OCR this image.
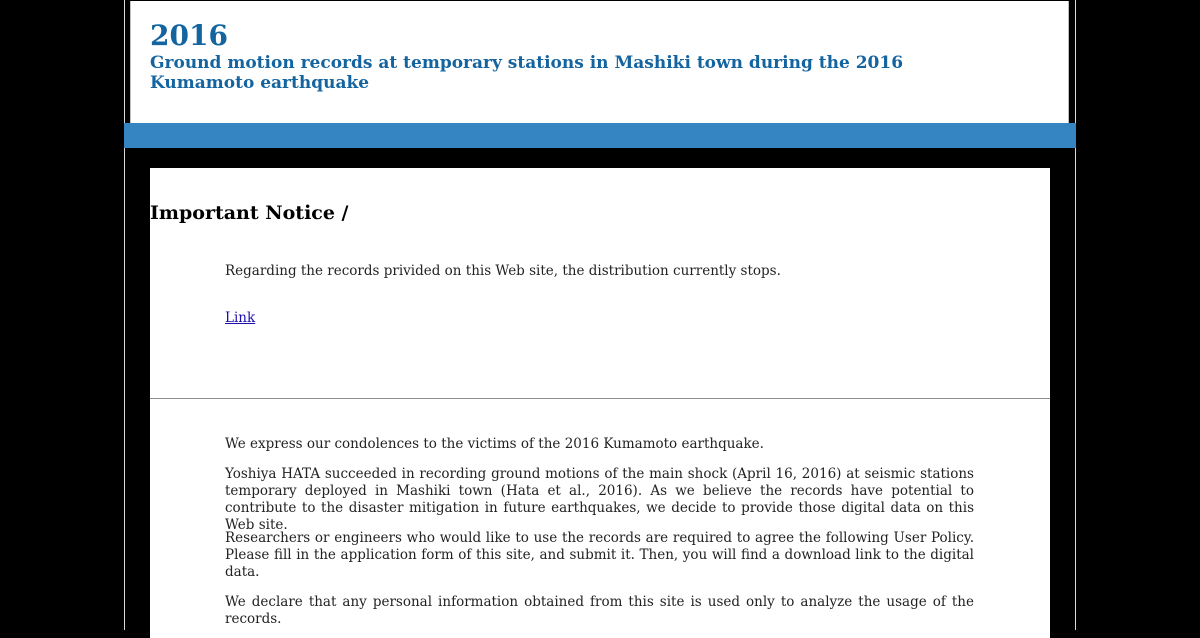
2016
Ground motion records at temporary stations in Mashiki town during the 2016 Kumamoto earthquake
Important Notice /

Regarding the records privided on this Web site, the distribution currently stops.

Link

We express our condolences to the victims of the 2016 Kumamoto earthquake.

Yoshiya HATA succeeded in recording ground motions of the main shock (April 16, 2016) at seismic stations temporary deployed in Mashiki town (Hata et al., 2016). As we believe the records have potential to contribute to the disaster mitigation in future earthquakes, we decide to provide those digital data on this Web site.

Researchers or engineers who would like to use the records are required to agree the following User Policy. Please fill in the application form of this site, and submit it. Then, you will find a download link to the digital data.

We declare that any personal information obtained from this site is used only to analyze the usage of the records.
